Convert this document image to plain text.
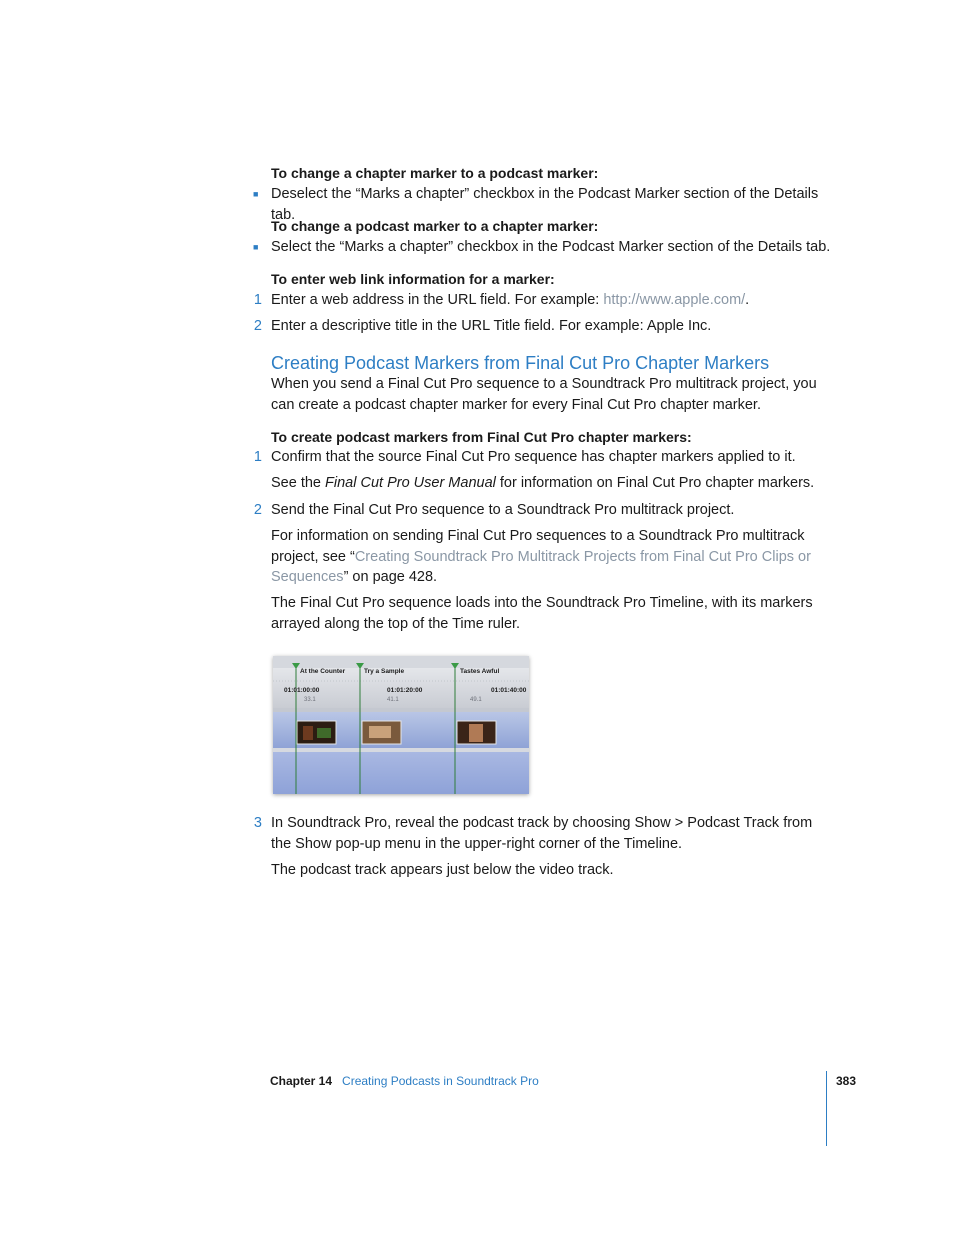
To change a chapter marker to a podcast marker:
■ Deselect the “Marks a chapter” checkbox in the Podcast Marker section of the Details tab.
To change a podcast marker to a chapter marker:
■ Select the “Marks a chapter” checkbox in the Podcast Marker section of the Details tab.
To enter web link information for a marker:
1 Enter a web address in the URL field. For example: http://www.apple.com/.
2 Enter a descriptive title in the URL Title field. For example: Apple Inc.
Creating Podcast Markers from Final Cut Pro Chapter Markers
When you send a Final Cut Pro sequence to a Soundtrack Pro multitrack project, you can create a podcast chapter marker for every Final Cut Pro chapter marker.
To create podcast markers from Final Cut Pro chapter markers:
1 Confirm that the source Final Cut Pro sequence has chapter markers applied to it.
See the Final Cut Pro User Manual for information on Final Cut Pro chapter markers.
2 Send the Final Cut Pro sequence to a Soundtrack Pro multitrack project.
For information on sending Final Cut Pro sequences to a Soundtrack Pro multitrack project, see “Creating Soundtrack Pro Multitrack Projects from Final Cut Pro Clips or Sequences” on page 428.
The Final Cut Pro sequence loads into the Soundtrack Pro Timeline, with its markers arrayed along the top of the Time ruler.
At the Counter	Try a Sample	Tastes Awful
01:01:00:00	01:01:20:00	01:01:40:00
33.1	41.1	49.1
3 In Soundtrack Pro, reveal the podcast track by choosing Show > Podcast Track from the Show pop-up menu in the upper-right corner of the Timeline.
The podcast track appears just below the video track.
Chapter 14 Creating Podcasts in Soundtrack Pro	383
